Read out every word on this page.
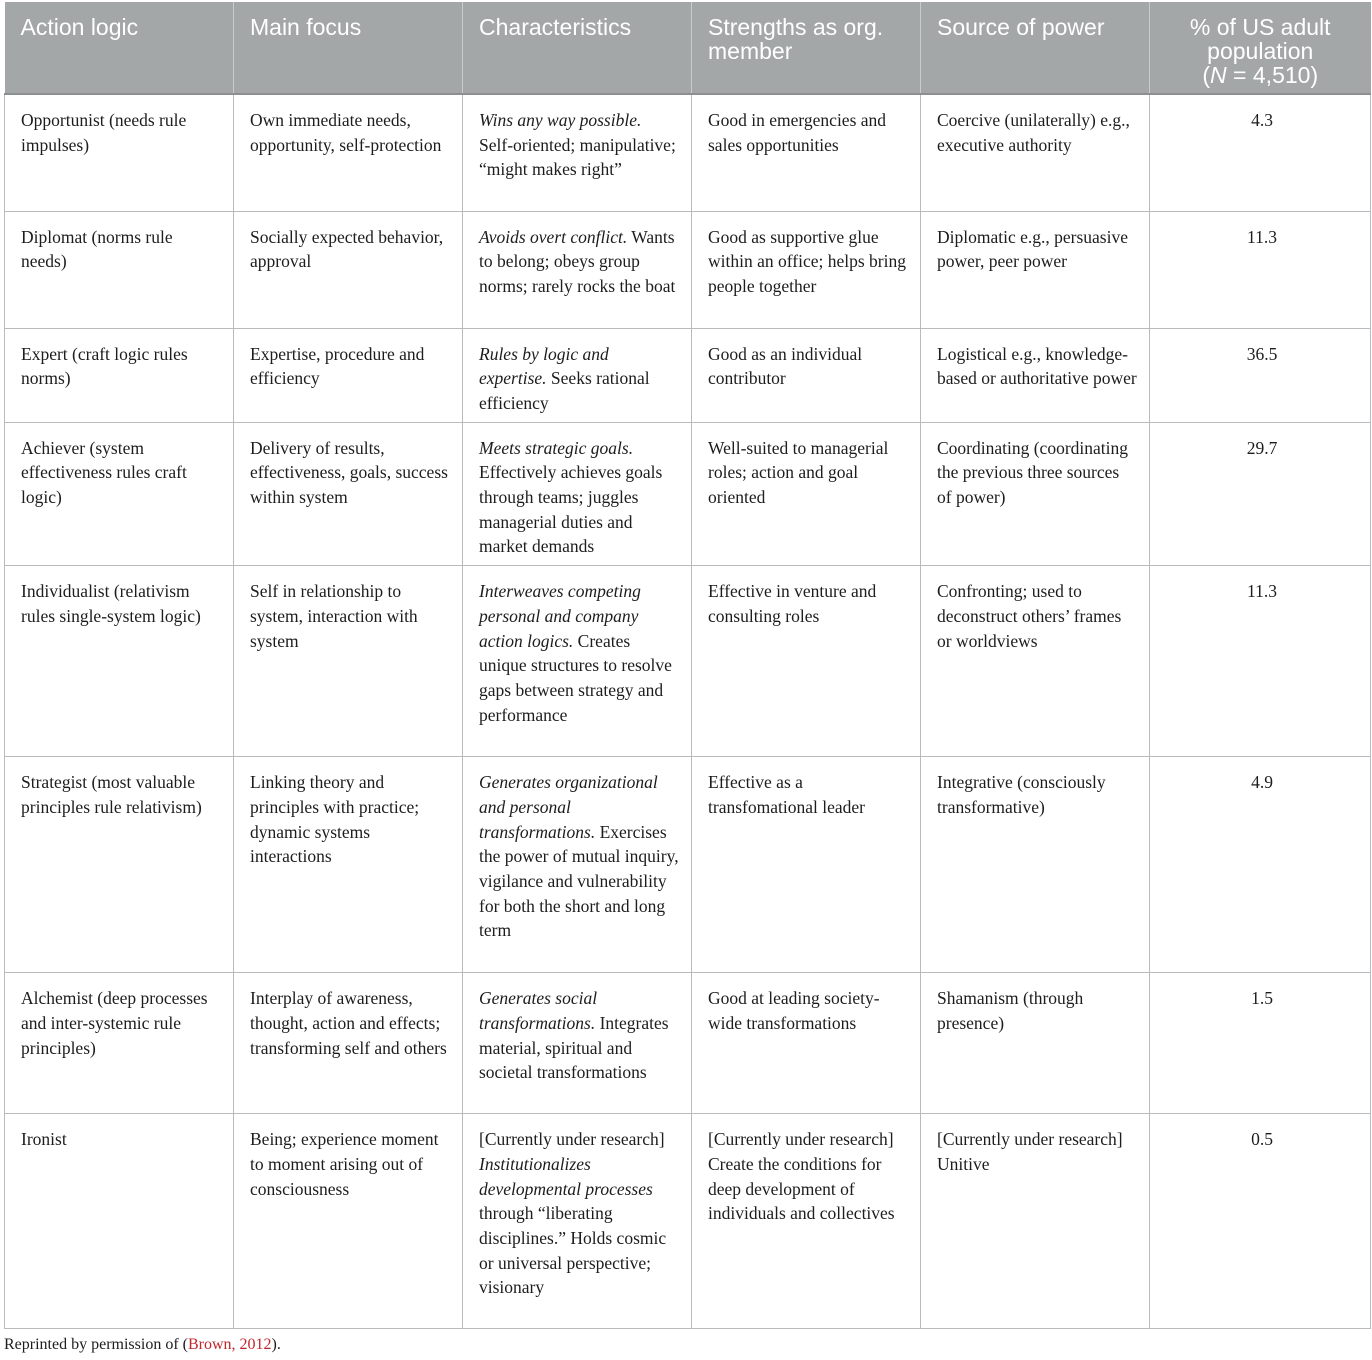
Action logic	Main focus	Characteristics	Strengths as org. member	Source of power	% of US adult
population
(N = 4,510)
Opportunist (needs rule impulses)	Own immediate needs, opportunity, self-protection	Wins any way possible. Self-oriented; manipulative; “might makes right”	Good in emergencies and sales opportunities	Coercive (unilaterally) e.g., executive authority	4.3
Diplomat (norms rule needs)	Socially expected behavior, approval	Avoids overt conflict. Wants to belong; obeys group norms; rarely rocks the boat	Good as supportive glue within an office; helps bring people together	Diplomatic e.g., persuasive power, peer power	11.3
Expert (craft logic rules norms)	Expertise, procedure and efficiency	Rules by logic and expertise. Seeks rational efficiency	Good as an individual contributor	Logistical e.g., knowledge-based or authoritative power	36.5
Achiever (system effectiveness rules craft logic)	Delivery of results, effectiveness, goals, success within system	Meets strategic goals. Effectively achieves goals through teams; juggles managerial duties and market demands	Well-suited to managerial roles; action and goal oriented	Coordinating (coordinating the previous three sources of power)	29.7
Individualist (relativism rules single-system logic)	Self in relationship to system, interaction with system	Interweaves competing personal and company action logics. Creates unique structures to resolve gaps between strategy and performance	Effective in venture and consulting roles	Confronting; used to deconstruct others’ frames or worldviews	11.3
Strategist (most valuable principles rule relativism)	Linking theory and principles with practice; dynamic systems interactions	Generates organizational and personal transformations. Exercises the power of mutual inquiry, vigilance and vulnerability for both the short and long term	Effective as a transfomational leader	Integrative (consciously transformative)	4.9
Alchemist (deep processes and inter-systemic rule principles)	Interplay of awareness, thought, action and effects; transforming self and others	Generates social transformations. Integrates material, spiritual and societal transformations	Good at leading society-wide transformations	Shamanism (through presence)	1.5
Ironist	Being; experience moment to moment arising out of consciousness	[Currently under research] Institutionalizes developmental processes through “liberating disciplines.” Holds cosmic or universal perspective; visionary	[Currently under research] Create the conditions for deep development of individuals and collectives	[Currently under research] Unitive	0.5
Reprinted by permission of (Brown, 2012).
